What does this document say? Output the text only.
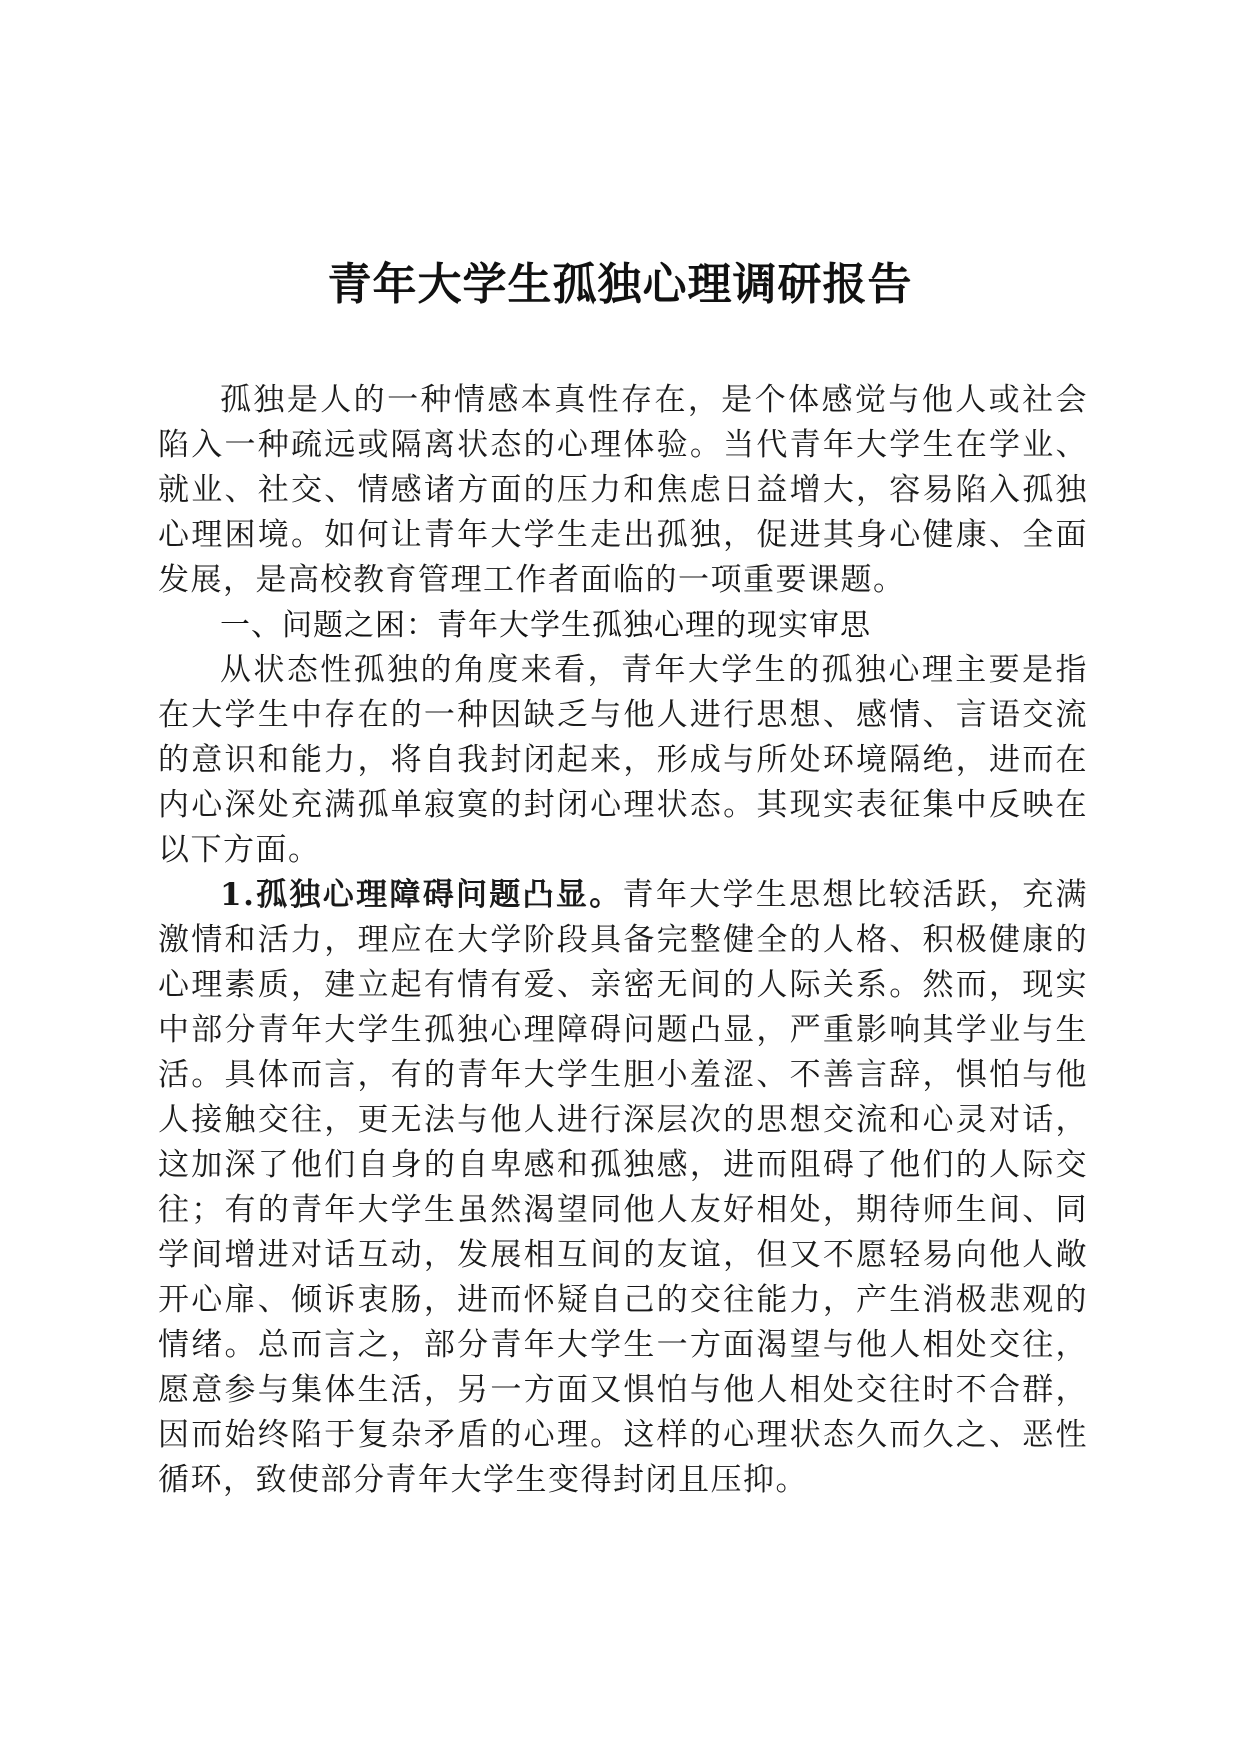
青年大学生孤独心理调研报告

孤独是人的一种情感本真性存在，是个体感觉与他人或社会陷入一种疏远或隔离状态的心理体验。当代青年大学生在学业、就业、社交、情感诸方面的压力和焦虑日益增大，容易陷入孤独心理困境。如何让青年大学生走出孤独，促进其身心健康、全面发展，是高校教育管理工作者面临的一项重要课题。

一、问题之困：青年大学生孤独心理的现实审思

从状态性孤独的角度来看，青年大学生的孤独心理主要是指在大学生中存在的一种因缺乏与他人进行思想、感情、言语交流的意识和能力，将自我封闭起来，形成与所处环境隔绝，进而在内心深处充满孤单寂寞的封闭心理状态。其现实表征集中反映在以下方面。

1.孤独心理障碍问题凸显。青年大学生思想比较活跃，充满激情和活力，理应在大学阶段具备完整健全的人格、积极健康的心理素质，建立起有情有爱、亲密无间的人际关系。然而，现实中部分青年大学生孤独心理障碍问题凸显，严重影响其学业与生活。具体而言，有的青年大学生胆小羞涩、不善言辞，惧怕与他人接触交往，更无法与他人进行深层次的思想交流和心灵对话，这加深了他们自身的自卑感和孤独感，进而阻碍了他们的人际交往；有的青年大学生虽然渴望同他人友好相处，期待师生间、同学间增进对话互动，发展相互间的友谊，但又不愿轻易向他人敞开心扉、倾诉衷肠，进而怀疑自己的交往能力，产生消极悲观的情绪。总而言之，部分青年大学生一方面渴望与他人相处交往，愿意参与集体生活，另一方面又惧怕与他人相处交往时不合群，因而始终陷于复杂矛盾的心理。这样的心理状态久而久之、恶性循环，致使部分青年大学生变得封闭且压抑。
